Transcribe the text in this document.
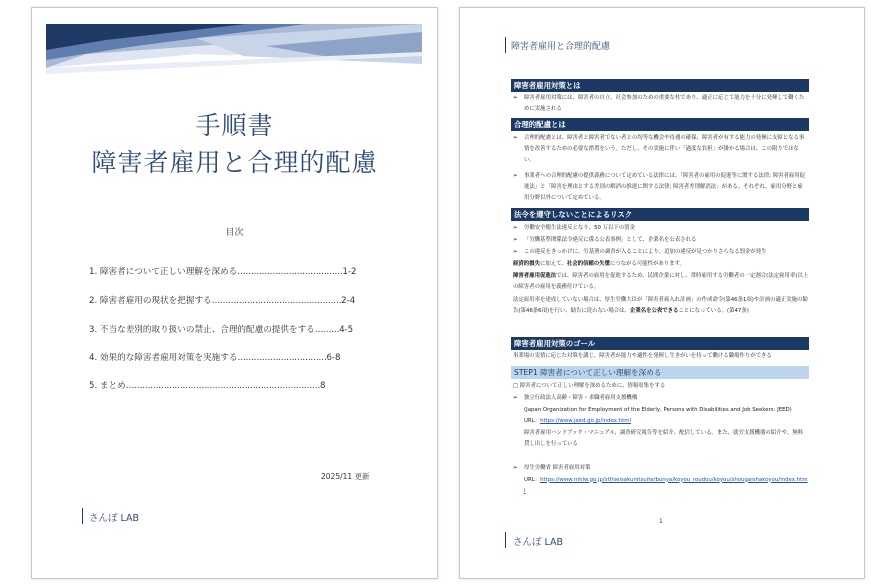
手順書
障害者雇用と合理的配慮
目次
1. 障害者について正しい理解を深める…………………………………1-2
2. 障害者雇用の現状を把握する…………………………………………2-4
3. 不当な差別的取り扱いの禁止、合理的配慮の提供をする………4-5
4. 効果的な障害者雇用対策を実施する……………………………6-8
5. まとめ………………………………………………………………8
2025/11 更新
さんぽ LAB
障害者雇用と合理的配慮
障害者雇用対策とは
➢ 障害者雇用対策には、障害者の自立、社会参加のための重要な柱であり、適正に応じて能力を十分に発揮して働くために実施される
合理的配慮とは
➢ 合理的配慮とは、障害者と障害者でない者との均等な機会や待遇の確保、障害者が有する能力の発揮に支障となる事情を改善するための必要な措置をいう。ただし、その実施に伴い「過度な負担」が掛かる場合は、この限りではない。
➢ 事業者への合理的配慮の提供義務について定めている法律には、「障害者の雇用の促進等に関する法律; 障害者雇用促進法」と「障害を理由とする差別の解消の推進に関する法律; 障害者差別解消法」がある。それぞれ、雇用分野と雇用分野以外について定めている。
法令を遵守しないことによるリスク
➢ 労働安全衛生法違反となり、50 万以下の罰金
➢ 「労働基準関係法令違反に係る公表事例」として、企業名を公表される
➢ この違反をきっかけに、労基署の調査が入ることにより、追加の違反が見つかりさらなる罰金が発生
経済的損失に加えて、社会的信頼の失墜につながる可能性があります。
障害者雇用促進法では、障害者の雇用を促進するため、民間企業に対し、常時雇用する労働者の一定割合(法定雇用率)以上の障害者の雇用を義務付けている。
法定雇用率を達成していない場合は、厚生労働大臣が「障害者雇入れ計画」の作成命令(第46条1項)や計画の適正実施の勧告(第46条6項)を行い、勧告に従わない場合は、企業名を公表できることになっている。(第47条)
障害者雇用対策のゴール
事業場の実情に応じた対策を講じ、障害者が能力や適性を発揮し生きがいを持って働ける職場作りができる
STEP1 障害者について正しい理解を深める
□ 障害者について正しい理解を深めるために、情報収集をする
➢ 独立行政法人高齢・障害・求職者雇用支援機構
(Japan Organization for Employment of the Elderly, Persons with Disabilities and Job Seekers: JEED)
URL：https://www.jeed.go.jp/index.html
障害者雇用ハンドブック・マニュアル、調査研究報告等を紹介、配信している。また、就労支援機器の紹介や、無料貸し出しを行っている
➢ 厚生労働省 障害者雇用対策
URL：https://www.mhlw.go.jp/stf/seisakunitsuite/bunya/koyou_roudou/koyou/shougaishakoyou/index.html
1
さんぽ LAB
